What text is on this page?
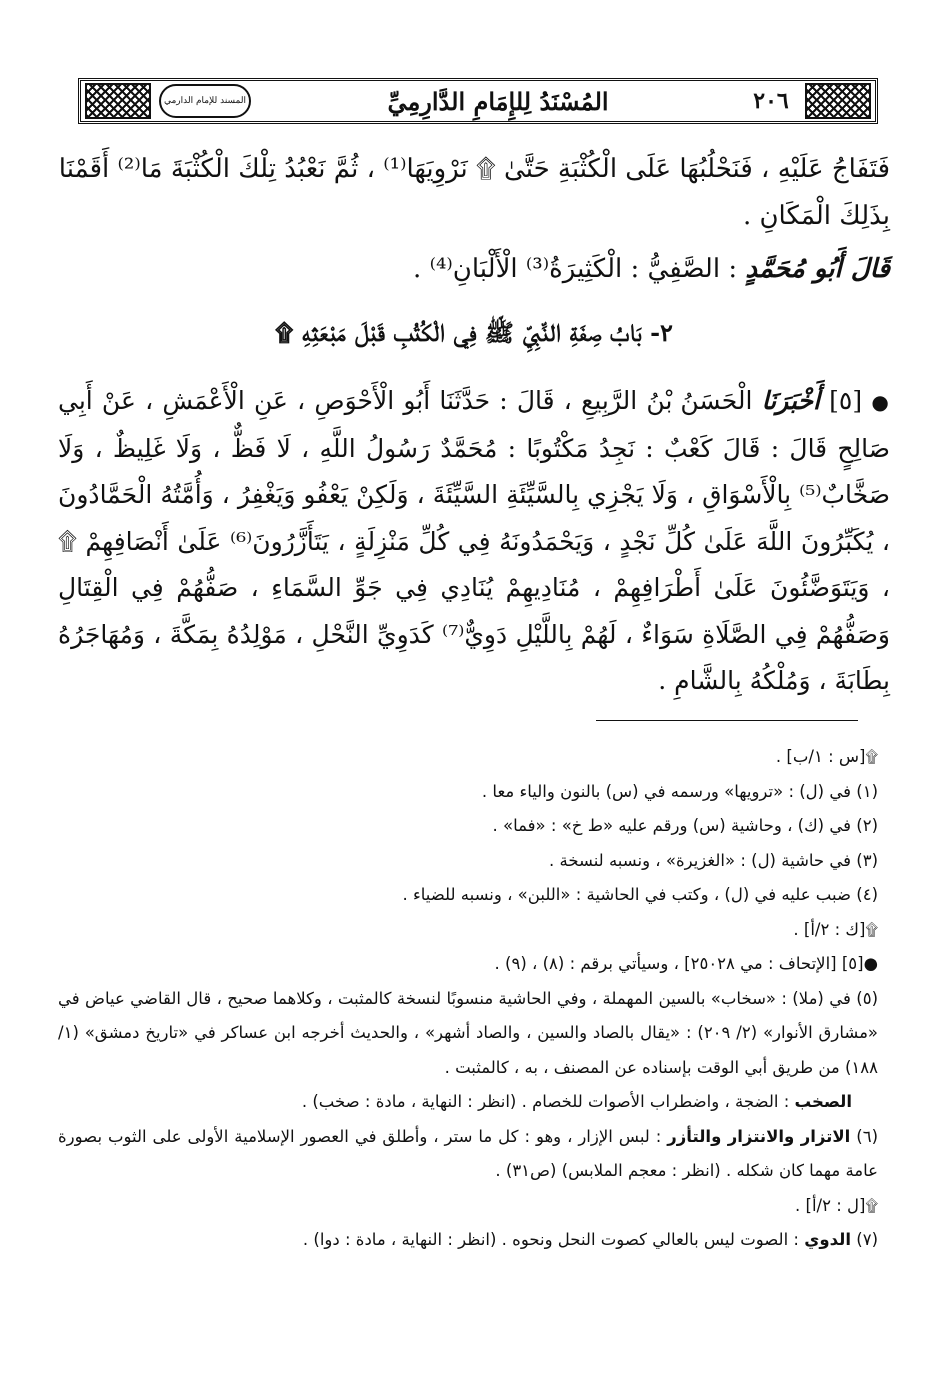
المسند للإمام الدارمي	المُسْنَدُ لِلإِمَامِ الدَّارِمِيِّ	٢٠٦
فَتَفَاجُ عَلَيْهِ ، فَنَحْلُبُهَا عَلَى الْكُثْبَةِ حَتَّىٰ ۩ نَرْوِيَهَا⁽¹⁾ ، ثُمَّ نَعْبُدُ تِلْكَ الْكُثْبَةَ مَا⁽²⁾ أَقَمْنَا
بِذَلِكَ الْمَكَانِ .
قَالَ أَبُو مُحَمَّدٍ : الصَّفِيُّ : الْكَثِيرَةُ⁽³⁾ الْأَلْبَانِ⁽⁴⁾ .
٢- بَابُ صِفَةِ النَّبِيِّ ﷺ فِي الْكُتُبِ قَبْلَ مَبْعَثِهِ ۩
● [٥] أَخْبَرَنَا الْحَسَنُ بْنُ الرَّبِيعِ ، قَالَ : حَدَّثَنَا أَبُو الْأَحْوَصِ ، عَنِ الْأَعْمَشِ ، عَنْ أَبِي صَالِحٍ قَالَ : قَالَ كَعْبٌ : نَجِدُ مَكْتُوبًا : مُحَمَّدٌ رَسُولُ اللَّهِ ، لَا فَظٌّ ، وَلَا غَلِيظٌ ، وَلَا صَخَّابٌ⁽⁵⁾ بِالْأَسْوَاقِ ، وَلَا يَجْزِي بِالسَّيِّئَةِ السَّيِّئَةَ ، وَلَكِنْ يَعْفُو وَيَغْفِرُ ، وَأُمَّتُهُ الْحَمَّادُونَ ، يُكَبِّرُونَ اللَّهَ عَلَىٰ كُلِّ نَجْدٍ ، وَيَحْمَدُونَهُ فِي كُلِّ مَنْزِلَةٍ ، يَتَأَزَّرُونَ⁽⁶⁾ عَلَىٰ أَنْصَافِهِمْ ۩ ، وَيَتَوَضَّئُونَ عَلَىٰ أَطْرَافِهِمْ ، مُنَادِيهِمْ يُنَادِي فِي جَوِّ السَّمَاءِ ، صَفُّهُمْ فِي الْقِتَالِ وَصَفُّهُمْ فِي الصَّلَاةِ سَوَاءٌ ، لَهُمْ بِاللَّيْلِ دَوِيٌّ⁽⁷⁾ كَدَوِيِّ النَّحْلِ ، مَوْلِدُهُ بِمَكَّةَ ، وَمُهَاجَرُهُ بِطَابَةَ ، وَمُلْكُهُ بِالشَّامِ .

۩[س : ١/ب] .

(١) في (ل) : «ترويها» ورسمه في (س) بالنون والياء معا .

(٢) في (ك) ، وحاشية (س) ورقم عليه «ط خ» : «فما» .

(٣) في حاشية (ل) : «الغزيرة» ، ونسبه لنسخة .

(٤) ضبب عليه في (ل) ، وكتب في الحاشية : «اللبن» ، ونسبه للضياء .

۩[ك : ٢/أ] .

●[٥] [الإتحاف : مي ٢٥٠٢٨] ، وسيأتي برقم : (٨) ، (٩) .

(٥) في (ملا) : «سخاب» بالسين المهملة ، وفي الحاشية منسوبًا لنسخة كالمثبت ، وكلاهما صحيح ، قال القاضي عياض في «مشارق الأنوار» (٢/ ٢٠٩) : «يقال بالصاد والسين ، والصاد أشهر» ، والحديث أخرجه ابن عساكر في «تاريخ دمشق» (١/ ١٨٨) من طريق أبي الوقت بإسناده عن المصنف ، به ، كالمثبت .

الصخب : الضجة ، واضطراب الأصوات للخصام . (انظر : النهاية ، مادة : صخب) .

(٦) الاتزار والانتزار والتأزر : لبس الإزار ، وهو : كل ما ستر ، وأطلق في العصور الإسلامية الأولى على الثوب بصورة عامة مهما كان شكله . (انظر : معجم الملابس) (ص٣١) .

۩[ل : ٢/أ] .

(٧) الدوي : الصوت ليس بالعالي كصوت النحل ونحوه . (انظر : النهاية ، مادة : دوا) .
